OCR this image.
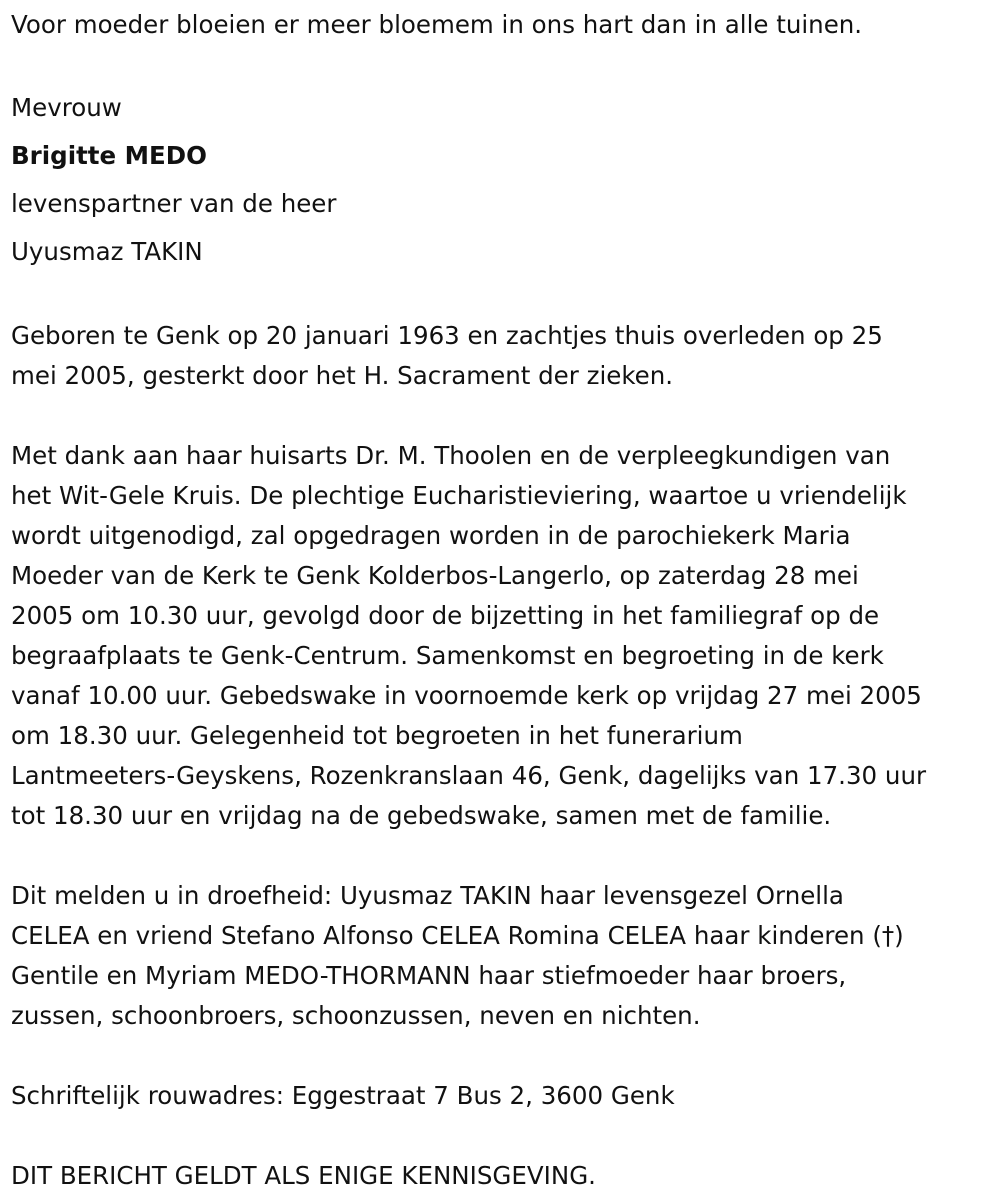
Voor moeder bloeien er meer bloemem in ons hart dan in alle tuinen.

Mevrouw

Brigitte MEDO

levenspartner van de heer

Uyusmaz TAKIN

Geboren te Genk op 20 januari 1963 en zachtjes thuis overleden op 25
mei 2005, gesterkt door het H. Sacrament der zieken.
Met dank aan haar huisarts Dr. M. Thoolen en de verpleegkundigen van
het Wit-Gele Kruis. De plechtige Eucharistieviering, waartoe u vriendelijk
wordt uitgenodigd, zal opgedragen worden in de parochiekerk Maria
Moeder van de Kerk te Genk Kolderbos-Langerlo, op zaterdag 28 mei
2005 om 10.30 uur, gevolgd door de bijzetting in het familiegraf op de
begraafplaats te Genk-Centrum. Samenkomst en begroeting in de kerk
vanaf 10.00 uur. Gebedswake in voornoemde kerk op vrijdag 27 mei 2005
om 18.30 uur. Gelegenheid tot begroeten in het funerarium
Lantmeeters-Geyskens, Rozenkranslaan 46, Genk, dagelijks van 17.30 uur
tot 18.30 uur en vrijdag na de gebedswake, samen met de familie.
Dit melden u in droefheid: Uyusmaz TAKIN haar levensgezel Ornella
CELEA en vriend Stefano Alfonso CELEA Romina CELEA haar kinderen (†)
Gentile en Myriam MEDO-THORMANN haar stiefmoeder haar broers,
zussen, schoonbroers, schoonzussen, neven en nichten.

Schriftelijk rouwadres: Eggestraat 7 Bus 2, 3600 Genk

DIT BERICHT GELDT ALS ENIGE KENNISGEVING.
